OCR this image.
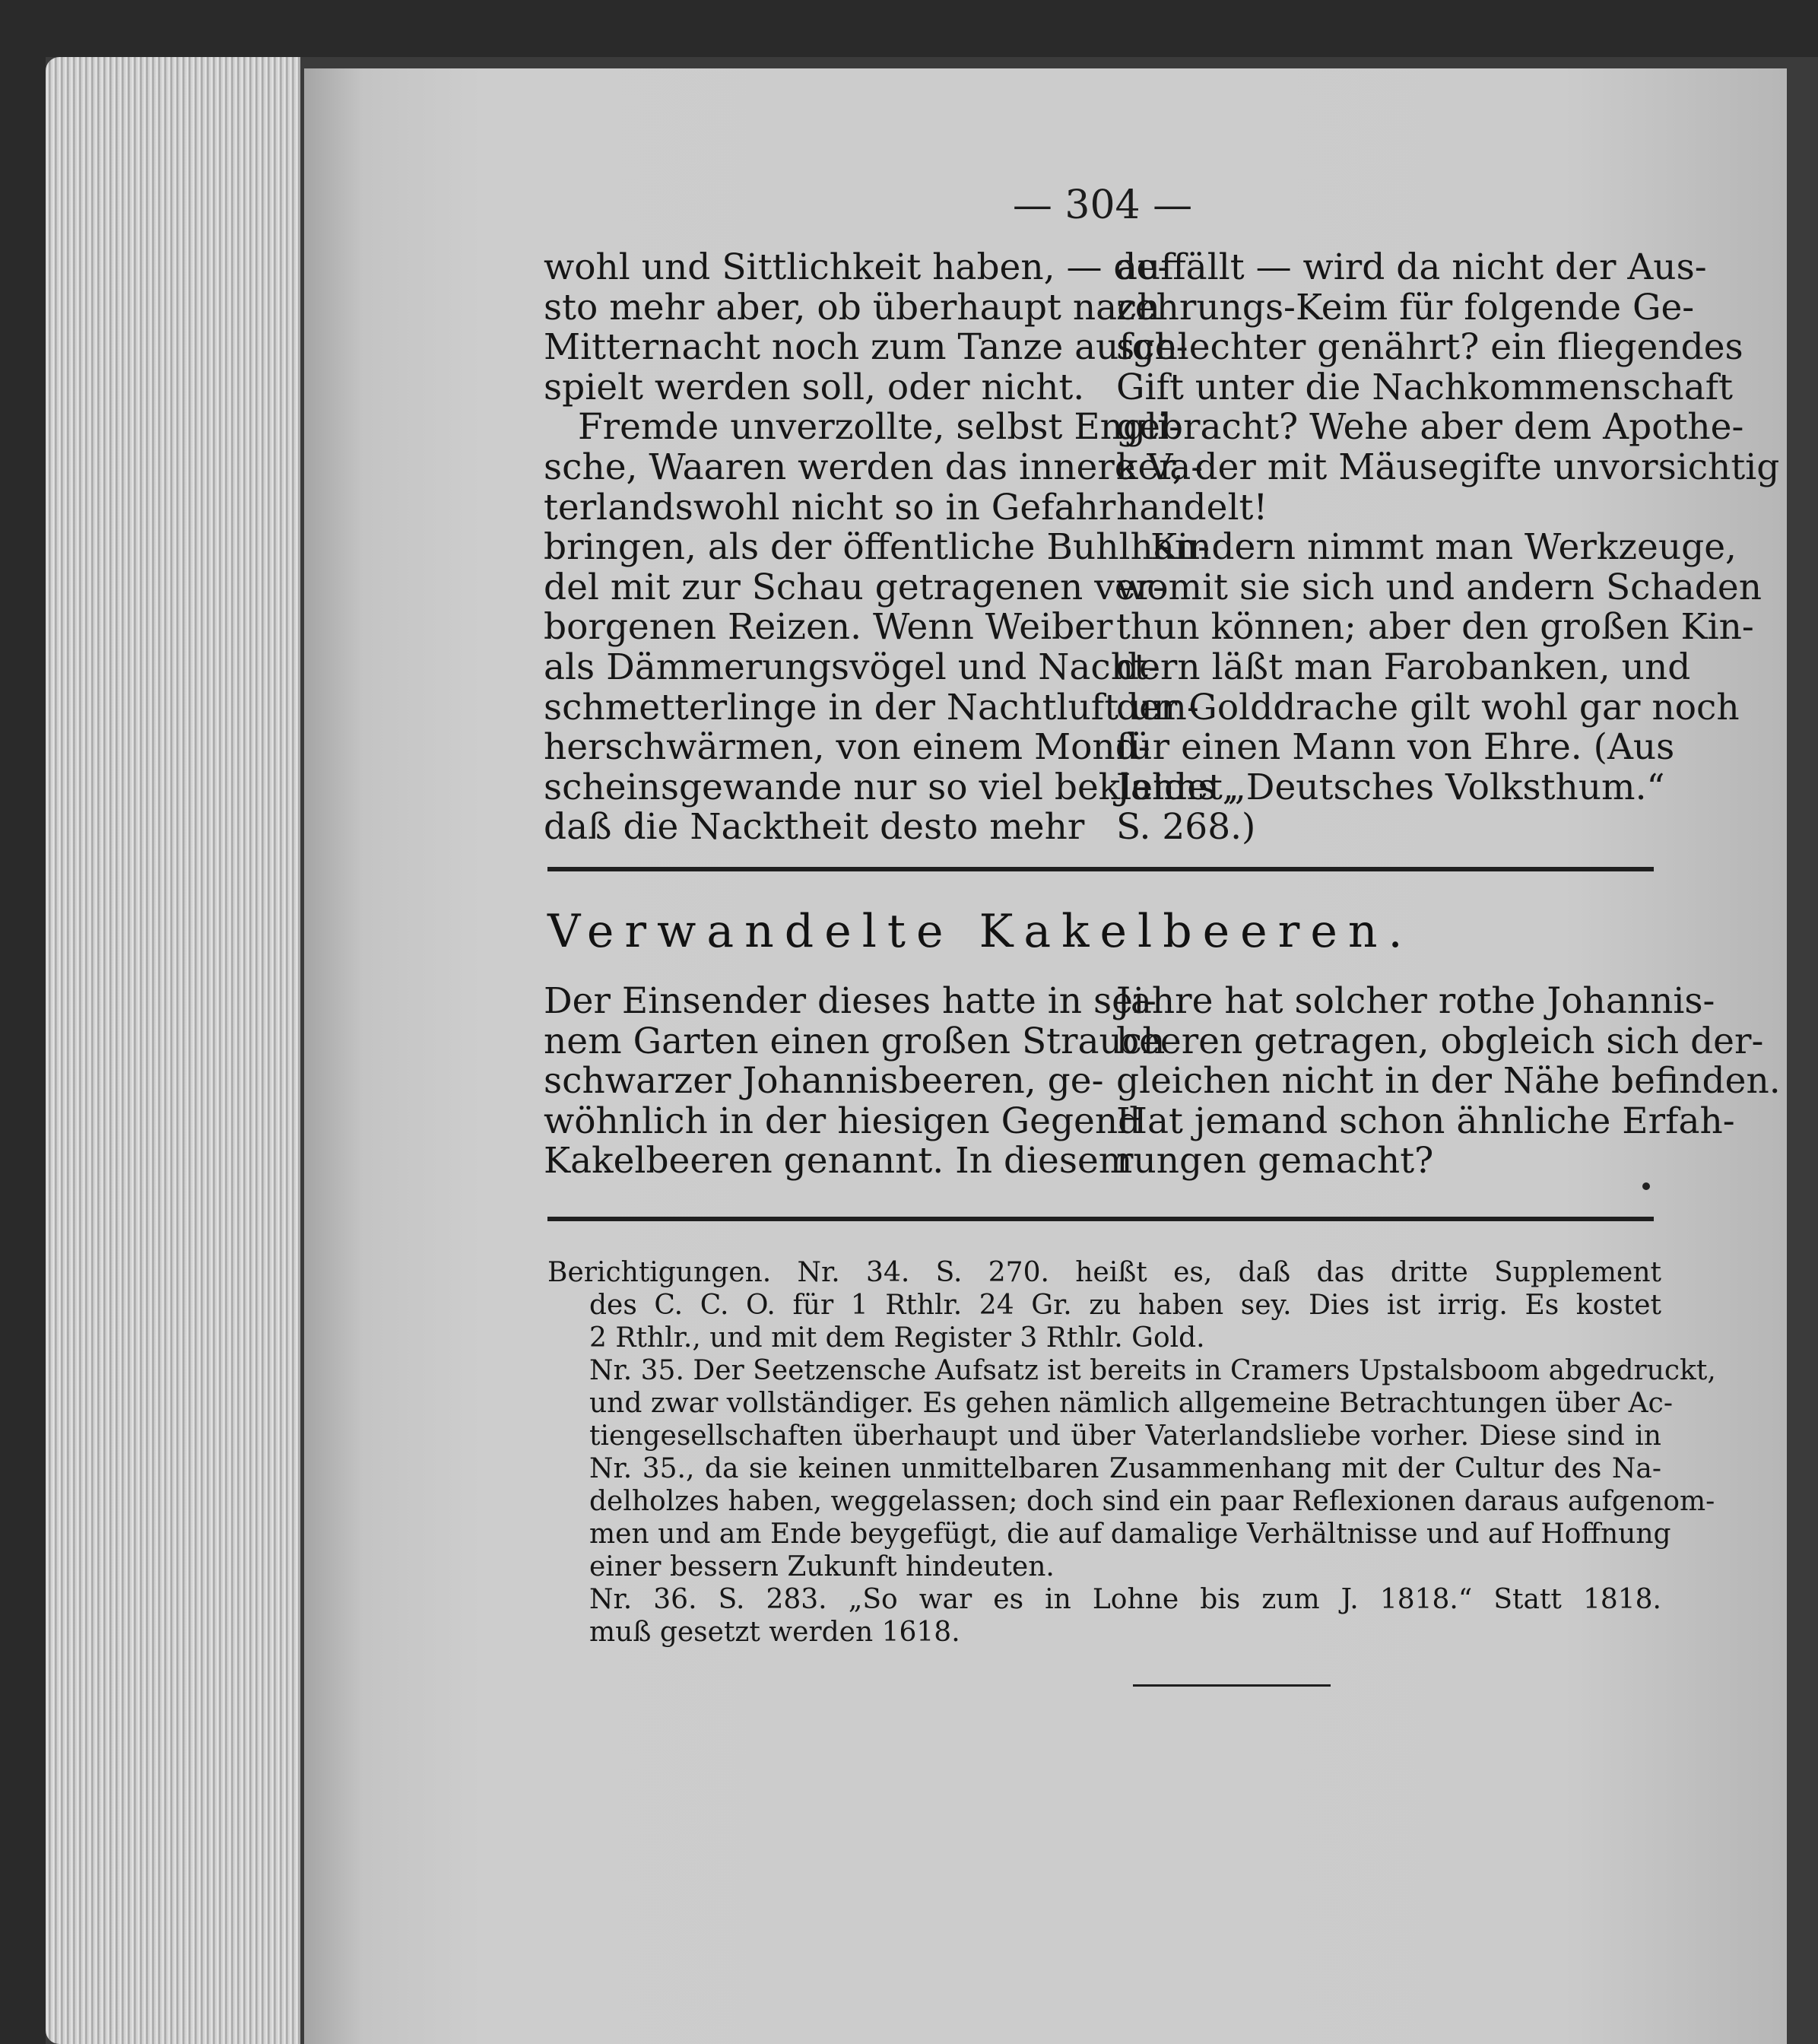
— 304 —

wohl und Sittlichkeit haben, — de-

sto mehr aber, ob überhaupt nach

Mitternacht noch zum Tanze aufge-

spielt werden soll, oder nicht.

Fremde unverzollte, selbst Engli-

sche, Waaren werden das innere Va-

terlandswohl nicht so in Gefahr

bringen, als der öffentliche Buhlhan-

del mit zur Schau getragenen ver-

borgenen Reizen. Wenn Weiber

als Dämmerungsvögel und Nacht-

schmetterlinge in der Nachtluft um-

herschwärmen, von einem Mond-

scheinsgewande nur so viel bekleidet,

daß die Nacktheit desto mehr

auffällt — wird da nicht der Aus-

zehrungs-Keim für folgende Ge-

schlechter genährt? ein fliegendes

Gift unter die Nachkommenschaft

gebracht? Wehe aber dem Apothe-

ker, der mit Mäusegifte unvorsichtig

handelt!

Kindern nimmt man Werkzeuge,

womit sie sich und andern Schaden

thun können; aber den großen Kin-

dern läßt man Farobanken, und

der Golddrache gilt wohl gar noch

für einen Mann von Ehre. (Aus

Jahns „Deutsches Volksthum.“

S. 268.)

Verwandelte Kakelbeeren.

Der Einsender dieses hatte in sei-

nem Garten einen großen Strauch

schwarzer Johannisbeeren, ge-

wöhnlich in der hiesigen Gegend

Kakelbeeren genannt. In diesem

Jahre hat solcher rothe Johannis-

beeren getragen, obgleich sich der-

gleichen nicht in der Nähe befinden.

Hat jemand schon ähnliche Erfah-

rungen gemacht?

Berichtigungen. Nr. 34. S. 270. heißt es, daß das dritte Supplement

des C. C. O. für 1 Rthlr. 24 Gr. zu haben sey. Dies ist irrig. Es kostet

2 Rthlr., und mit dem Register 3 Rthlr. Gold.

Nr. 35. Der Seetzensche Aufsatz ist bereits in Cramers Upstalsboom abgedruckt,

und zwar vollständiger. Es gehen nämlich allgemeine Betrachtungen über Ac-

tiengesellschaften überhaupt und über Vaterlandsliebe vorher. Diese sind in

Nr. 35., da sie keinen unmittelbaren Zusammenhang mit der Cultur des Na-

delholzes haben, weggelassen; doch sind ein paar Reflexionen daraus aufgenom-

men und am Ende beygefügt, die auf damalige Verhältnisse und auf Hoffnung

einer bessern Zukunft hindeuten.

Nr. 36. S. 283. „So war es in Lohne bis zum J. 1818.“ Statt 1818.

muß gesetzt werden 1618.
